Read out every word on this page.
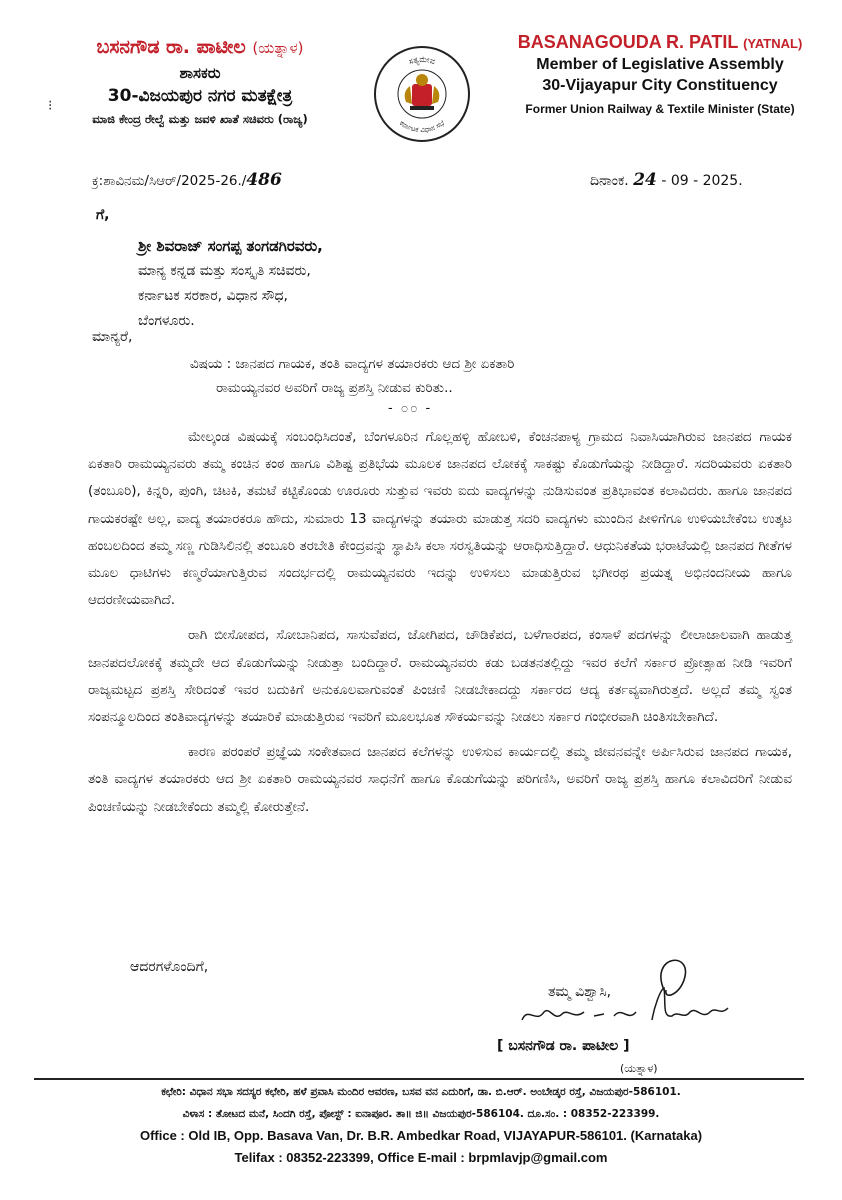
ಬಸನಗೌಡ ರಾ. ಪಾಟೀಲ (ಯತ್ನಾಳ)
ಶಾಸಕರು
30-ವಿಜಯಪುರ ನಗರ ಮತಕ್ಷೇತ್ರ
ಮಾಜಿ ಕೇಂದ್ರ ರೇಲ್ವೆ ಮತ್ತು ಜವಳಿ ಖಾತೆ ಸಚಿವರು (ರಾಜ್ಯ)
⁝
ಸತ್ಯಮೇವ
ಕರ್ನಾಟಕ ವಿಧಾನ ಸಭೆ
BASANAGOUDA R. PATIL (YATNAL)
Member of Legislative Assembly
30-Vijayapur City Constituency
Former Union Railway & Textile Minister (State)
ಕ್ರ:ಶಾವಿನಮ/ಸಿಆರ್/2025-26./486	ದಿನಾಂಕ. 24 - 09 - 2025.
ಗೆ,
ಶ್ರೀ ಶಿವರಾಜ್ ಸಂಗಪ್ಪ ತಂಗಡಗಿರವರು,
ಮಾನ್ಯ ಕನ್ನಡ ಮತ್ತು ಸಂಸ್ಕೃತಿ ಸಚಿವರು,
ಕರ್ನಾಟಕ ಸರಕಾರ, ವಿಧಾನ ಸೌಧ,
ಬೆಂಗಳೂರು.
ಮಾನ್ಯರೆ,
ವಿಷಯ : ಜಾನಪದ ಗಾಯಕ, ತಂತಿ ವಾದ್ಯಗಳ ತಯಾರಕರು ಆದ ಶ್ರೀ ಏಕತಾರಿ
ರಾಮಯ್ಯನವರ ಅವರಿಗೆ ರಾಜ್ಯ ಪ್ರಶಸ್ತಿ ನೀಡುವ ಕುರಿತು..
- ೦೦ -

ಮೇಲ್ಕಂಡ ವಿಷಯಕ್ಕೆ ಸಂಬಂಧಿಸಿದಂತೆ, ಬೆಂಗಳೂರಿನ ಗೊಲ್ಲಹಳ್ಳಿ ಹೋಬಳಿ, ಕೆಂಚನಪಾಳ್ಯ ಗ್ರಾಮದ ನಿವಾಸಿಯಾಗಿರುವ ಜಾನಪದ ಗಾಯಕ ಏಕತಾರಿ ರಾಮಯ್ಯನವರು ತಮ್ಮ ಕಂಚಿನ ಕಂಠ ಹಾಗೂ ವಿಶಿಷ್ಟ ಪ್ರತಿಭೆಯ ಮೂಲಕ ಜಾನಪದ ಲೋಕಕ್ಕೆ ಸಾಕಷ್ಟು ಕೊಡುಗೆಯನ್ನು ನೀಡಿದ್ದಾರೆ. ಸದರಿಯವರು ಏಕತಾರಿ (ತಂಬೂರಿ), ಕಿನ್ನರಿ, ಪುಂಗಿ, ಚಿಟಕಿ, ತಮಟೆ ಕಟ್ಟಿಕೊಂಡು ಊರೂರು ಸುತ್ತುವ ಇವರು ಐದು ವಾದ್ಯಗಳನ್ನು ನುಡಿಸುವಂತ ಪ್ರತಿಭಾವಂತ ಕಲಾವಿದರು. ಹಾಗೂ ಜಾನಪದ ಗಾಯಕರಷ್ಟೇ ಅಲ್ಲ, ವಾದ್ಯ ತಯಾರಕರೂ ಹೌದು, ಸುಮಾರು 13 ವಾದ್ಯಗಳನ್ನು ತಯಾರು ಮಾಡುತ್ತ ಸದರಿ ವಾದ್ಯಗಳು ಮುಂದಿನ ಪೀಳಿಗೆಗೂ ಉಳಿಯಬೇಕೆಂಬ ಉತ್ಕಟ ಹಂಬಲದಿಂದ ತಮ್ಮ ಸಣ್ಣ ಗುಡಿಸಿಲಿನಲ್ಲಿ ತಂಬೂರಿ ತರಬೇತಿ ಕೇಂದ್ರವನ್ನು ಸ್ಥಾಪಿಸಿ ಕಲಾ ಸರಸ್ವತಿಯನ್ನು ಆರಾಧಿಸುತ್ತಿದ್ದಾರೆ. ಆಧುನಿಕತೆಯ ಭರಾಟೆಯಲ್ಲಿ ಜಾನಪದ ಗೀತೆಗಳ ಮೂಲ ಧಾಟಿಗಳು ಕಣ್ಮರೆಯಾಗುತ್ತಿರುವ ಸಂದರ್ಭದಲ್ಲಿ ರಾಮಯ್ಯನವರು ಇದನ್ನು ಉಳಿಸಲು ಮಾಡುತ್ತಿರುವ ಭಗೀರಥ ಪ್ರಯತ್ನ ಅಭಿನಂದನೀಯ ಹಾಗೂ ಆದರಣೀಯವಾಗಿದೆ.

ರಾಗಿ ಬೀಸೋಪದ, ಸೋಬಾನಿಪದ, ಸಾಸುವೆಪದ, ಜೋಗಿಪದ, ಚೌಡಿಕೆಪದ, ಬಳೆಗಾರಪದ, ಕಂಸಾಳೆ ಪದಗಳನ್ನು ಲೀಲಾಜಾಲವಾಗಿ ಹಾಡುತ್ತ ಜಾನಪದಲೋಕಕ್ಕೆ ತಮ್ಮದೇ ಆದ ಕೊಡುಗೆಯನ್ನು ನೀಡುತ್ತಾ ಬಂದಿದ್ದಾರೆ. ರಾಮಯ್ಯನವರು ಕಡು ಬಡತನತಲ್ಲಿದ್ದು ಇವರ ಕಲೆಗೆ ಸರ್ಕಾರ ಪ್ರೋತ್ಸಾಹ ನೀಡಿ ಇವರಿಗೆ ರಾಜ್ಯಮಟ್ಟದ ಪ್ರಶಸ್ತಿ ಸೇರಿದಂತೆ ಇವರ ಬದುಕಿಗೆ ಅನುಕೂಲವಾಗುವಂತೆ ಪಿಂಚಣಿ ನೀಡಬೇಕಾದದ್ದು ಸರ್ಕಾರದ ಆದ್ಯ ಕರ್ತವ್ಯವಾಗಿರುತ್ತದೆ. ಅಲ್ಲದೆ ತಮ್ಮ ಸ್ವಂತ ಸಂಪನ್ಮೂಲದಿಂದ ತಂತಿವಾದ್ಯಗಳನ್ನು ತಯಾರಿಕೆ ಮಾಡುತ್ತಿರುವ ಇವರಿಗೆ ಮೂಲಭೂತ ಸೌಕರ್ಯವನ್ನು ನೀಡಲು ಸರ್ಕಾರ ಗಂಭೀರವಾಗಿ ಚಿಂತಿಸಬೇಕಾಗಿದೆ.

ಕಾರಣ ಪರಂಪರೆ ಪ್ರಜ್ಞೆಯ ಸಂಕೇತವಾದ ಜಾನಪದ ಕಲೆಗಳನ್ನು ಉಳಿಸುವ ಕಾರ್ಯದಲ್ಲಿ ತಮ್ಮ ಜೀವನವನ್ನೇ ಅರ್ಪಿಸಿರುವ ಜಾನಪದ ಗಾಯಕ, ತಂತಿ ವಾದ್ಯಗಳ ತಯಾರಕರು ಆದ ಶ್ರೀ ಏಕತಾರಿ ರಾಮಯ್ಯನವರ ಸಾಧನೆಗೆ ಹಾಗೂ ಕೊಡುಗೆಯನ್ನು ಪರಿಗಣಿಸಿ, ಅವರಿಗೆ ರಾಜ್ಯ ಪ್ರಶಸ್ತಿ ಹಾಗೂ ಕಲಾವಿದರಿಗೆ ನೀಡುವ ಪಿಂಚಣಿಯನ್ನು ನೀಡಬೇಕೆಂದು ತಮ್ಮಲ್ಲಿ ಕೋರುತ್ತೇನೆ.

ಆದರಗಳೊಂದಿಗೆ,
ತಮ್ಮ ವಿಶ್ವಾಸಿ,
[ ಬಸನಗೌಡ ರಾ. ಪಾಟೀಲ ]
(ಯತ್ನಾಳ)
ಕಛೇರಿ: ವಿಧಾನ ಸಭಾ ಸದಸ್ಯರ ಕಛೇರಿ, ಹಳೆ ಪ್ರವಾಸಿ ಮಂದಿರ ಆವರಣ, ಬಸವ ವನ ಎದುರಿಗೆ, ಡಾ. ಬಿ.ಆರ್. ಅಂಬೇಡ್ಕರ ರಸ್ತೆ, ವಿಜಯಪುರ-586101.
ವಿಳಾಸ : ತೋಟದ ಮನೆ, ಸಿಂದಗಿ ರಸ್ತೆ, ಪೋಸ್ಟ್ : ಐನಾಪೂರ. ತಾ॥ ಜಿ॥ ವಿಜಯಪುರ-586104. ದೂ.ಸಂ. : 08352-223399.
Office : Old IB, Opp. Basava Van, Dr. B.R. Ambedkar Road, VIJAYAPUR-586101. (Karnataka)
Telifax : 08352-223399, Office E-mail : brpmlavjp@gmail.com
